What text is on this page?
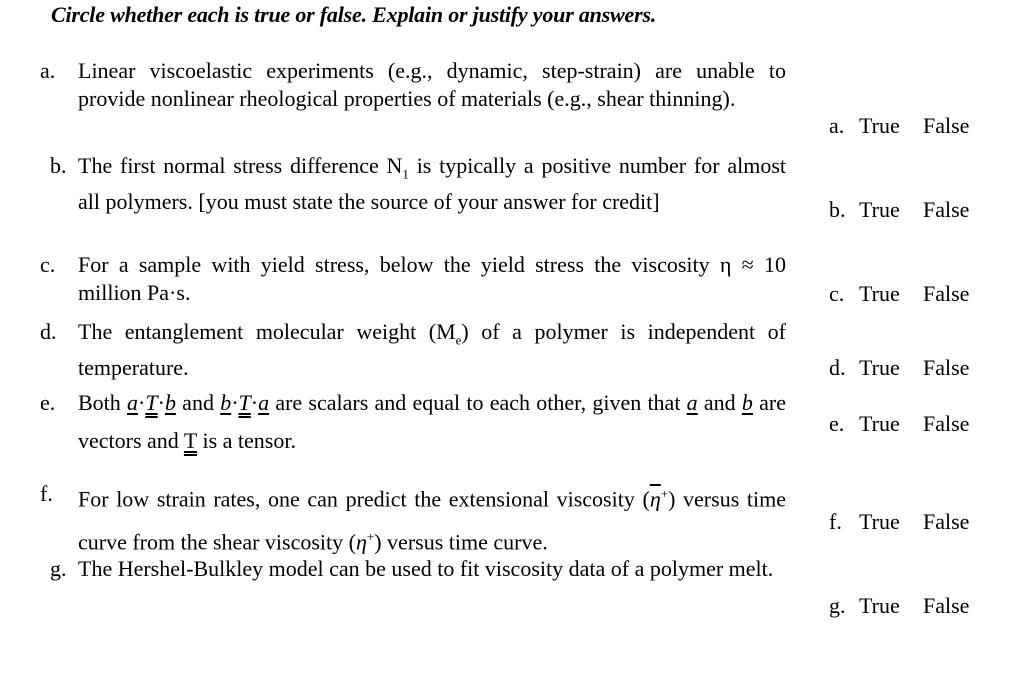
Circle whether each is true or false. Explain or justify your answers.
a. Linear viscoelastic experiments (e.g., dynamic, step-strain) are unable to provide nonlinear rheological properties of materials (e.g., shear thinning).
b. The first normal stress difference $N_1$ is typically a positive number for almost all polymers. [you must state the source of your answer for credit]
c. For a sample with yield stress, below the yield stress the viscosity η ≈ 10 million Pa·s.
d. The entanglement molecular weight $(M_e)$ of a polymer is independent of temperature.
e. Both a·T·b and b·T·a are scalars and equal to each other, given that a and b are vectors and T is a tensor.
f. For low strain rates, one can predict the extensional viscosity $(\overline{\eta}^+)$ versus time curve from the shear viscosity (η+) versus time curve.
g. The Hershel-Bulkley model can be used to fit viscosity data of a polymer melt.
a. True False
b. True False
c. True False
d. True False
e. True False
f. True False
g. True False
